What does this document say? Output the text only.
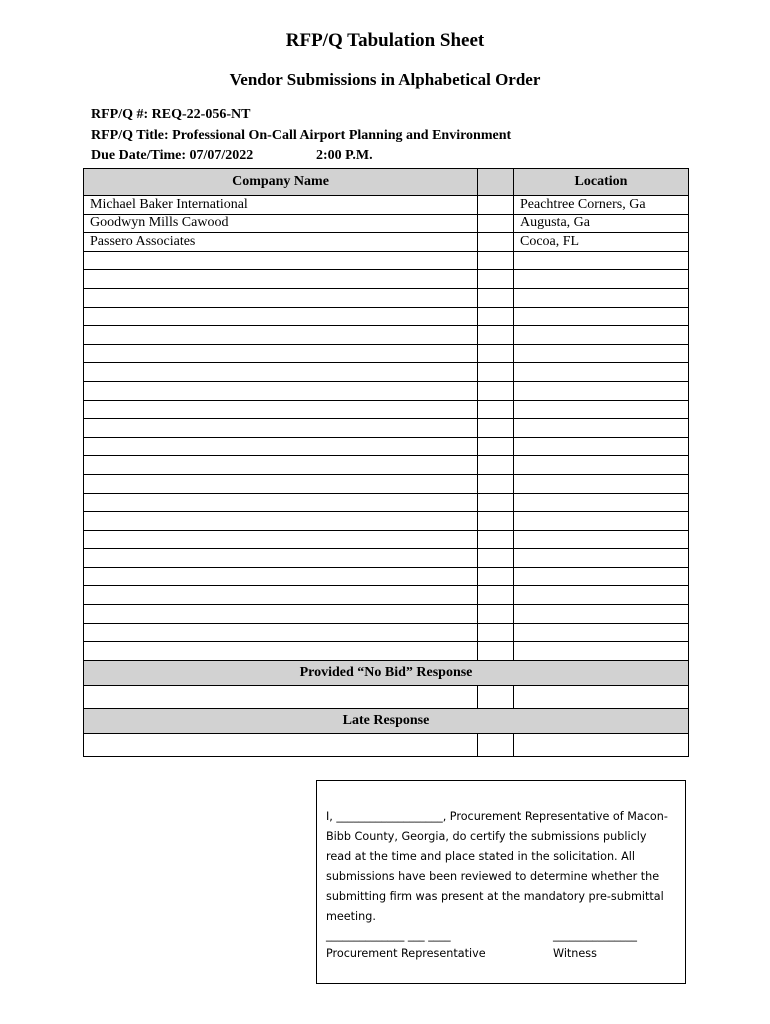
RFP/Q Tabulation Sheet
Vendor Submissions in Alphabetical Order
RFP/Q #: REQ-22-056-NT
RFP/Q Title: Professional On-Call Airport Planning and Environment
Due Date/Time: 07/07/2022	2:00 P.M.
Company Name		Location
Michael Baker International		Peachtree Corners, Ga
Goodwyn Mills Cawood		Augusta, Ga
Passero Associates		Cocoa, FL

Provided “No Bid” Response		

Late Response		

I, ___________________, Procurement Representative of Macon-Bibb County, Georgia, do certify the submissions publicly read at the time and place stated in the solicitation. All submissions have been reviewed to determine whether the submitting firm was present at the mandatory pre-submittal meeting.

______________ ___ ____	_______________
Procurement Representative	Witness
